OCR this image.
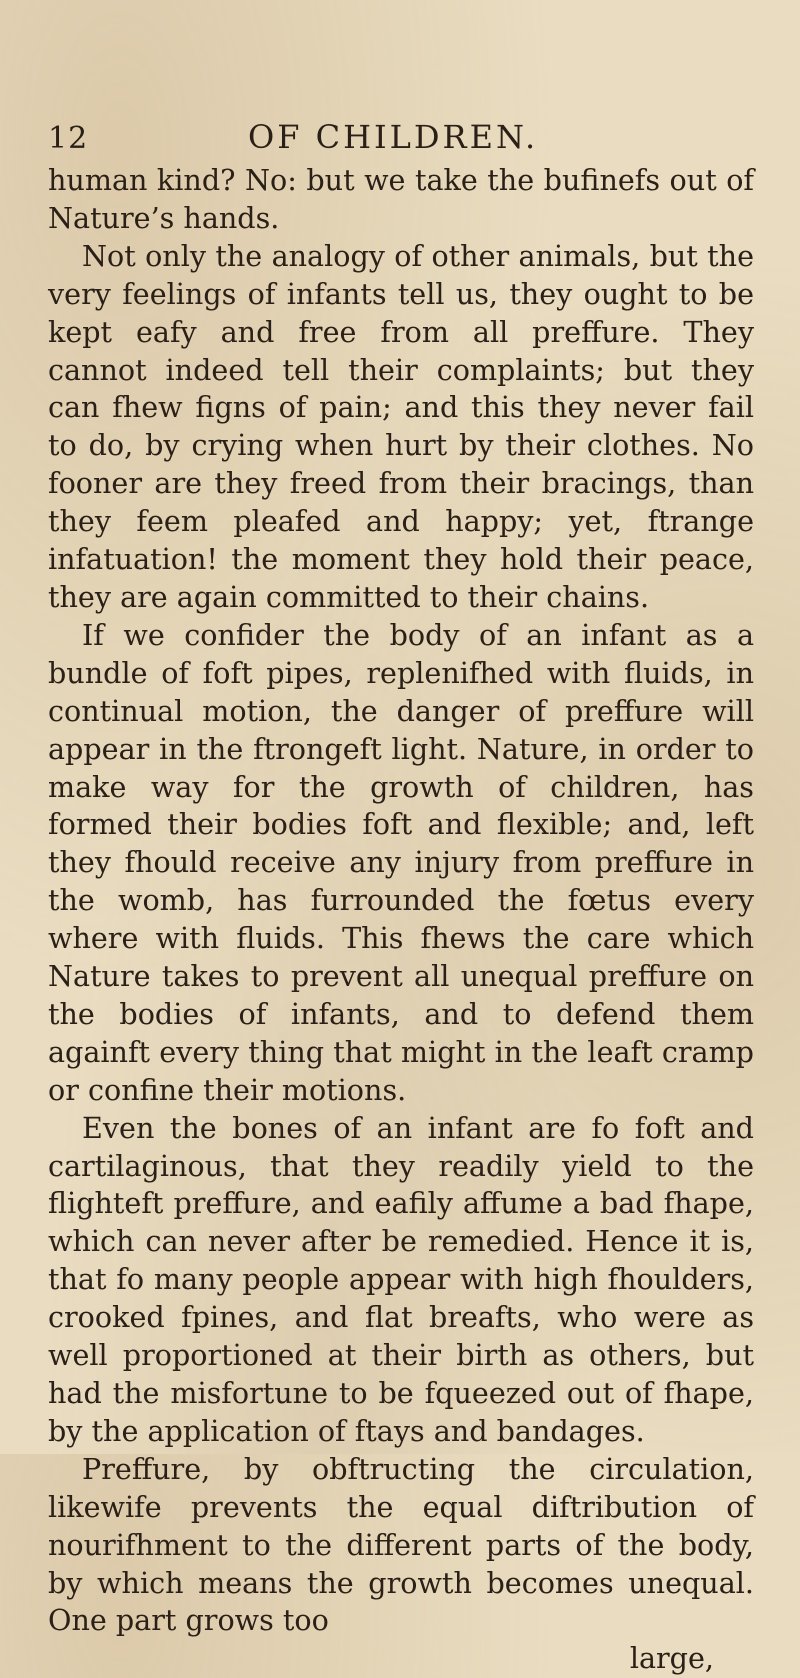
12	OF CHILDREN.

human kind? No: but we take the bufinefs out of Nature’s hands.

Not only the analogy of other animals, but the very feelings of infants tell us, they ought to be kept eafy and free from all preffure. They cannot indeed tell their complaints; but they can fhew figns of pain; and this they never fail to do, by crying when hurt by their clothes. No fooner are they freed from their bracings, than they feem pleafed and happy; yet, ftrange infatuation! the moment they hold their peace, they are again committed to their chains.

If we confider the body of an infant as a bundle of foft pipes, replenifhed with fluids, in continual motion, the danger of preffure will appear in the ftrongeft light. Nature, in order to make way for the growth of children, has formed their bodies foft and flexible; and, left they fhould receive any injury from preffure in the womb, has furrounded the fœtus every where with fluids. This fhews the care which Nature takes to prevent all unequal preffure on the bodies of infants, and to defend them againft every thing that might in the leaft cramp or confine their motions.

Even the bones of an infant are fo foft and cartilaginous, that they readily yield to the flighteft preffure, and eafily affume a bad fhape, which can never after be remedied. Hence it is, that fo many people appear with high fhoulders, crooked fpines, and flat breafts, who were as well proportioned at their birth as others, but had the misfortune to be fqueezed out of fhape, by the application of ftays and bandages.

Preffure, by obftructing the circulation, likewife prevents the equal diftribution of nourifhment to the different parts of the body, by which means the growth becomes unequal. One part grows too

large,
